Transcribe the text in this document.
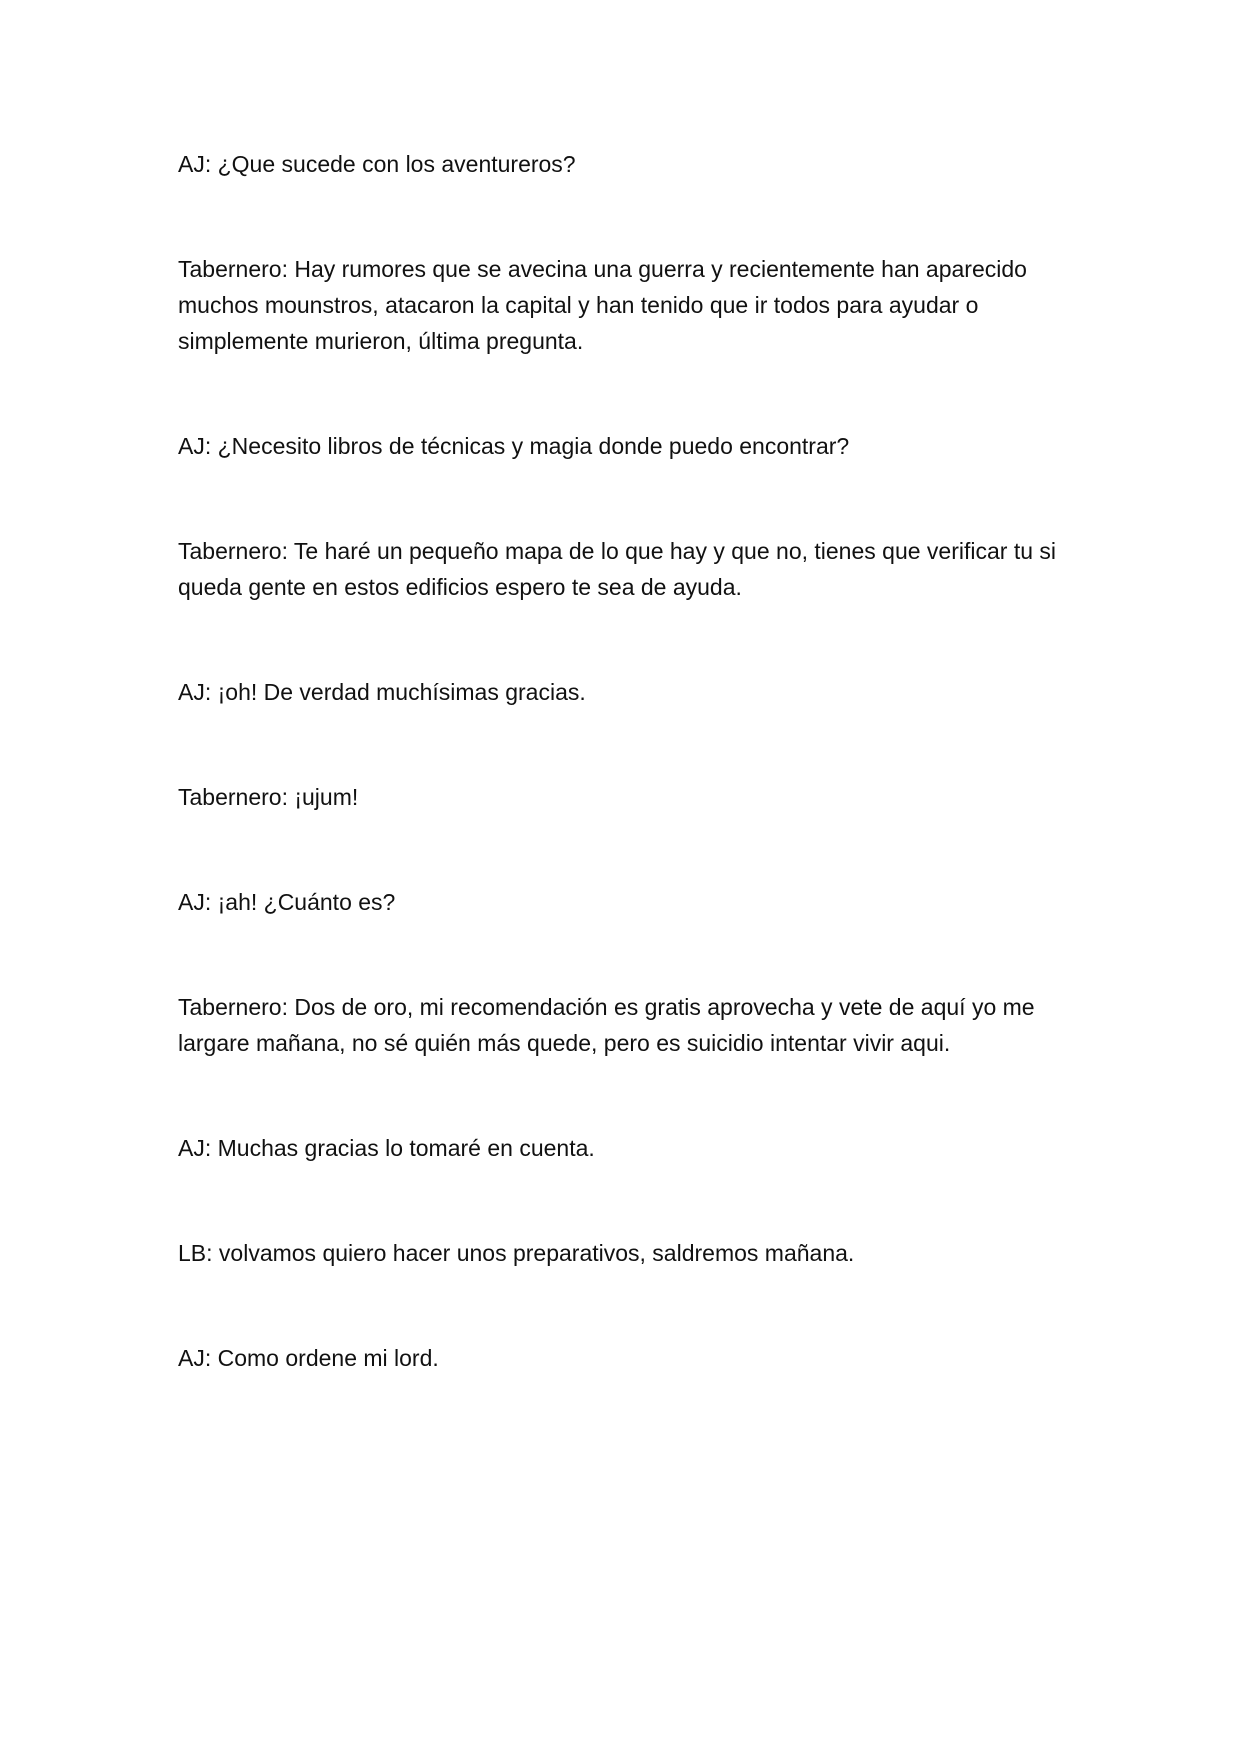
AJ: ¿Que sucede con los aventureros?

Tabernero: Hay rumores que se avecina una guerra y recientemente han aparecido muchos mounstros, atacaron la capital y han tenido que ir todos para ayudar o simplemente murieron, última pregunta.

AJ: ¿Necesito libros de técnicas y magia donde puedo encontrar?

Tabernero: Te haré un pequeño mapa de lo que hay y que no, tienes que verificar tu si queda gente en estos edificios espero te sea de ayuda.

AJ: ¡oh! De verdad muchísimas gracias.

Tabernero: ¡ujum!

AJ: ¡ah! ¿Cuánto es?

Tabernero: Dos de oro, mi recomendación es gratis aprovecha y vete de aquí yo me largare mañana, no sé quién más quede, pero es suicidio intentar vivir aqui.

AJ: Muchas gracias lo tomaré en cuenta.

LB: volvamos quiero hacer unos preparativos, saldremos mañana.

AJ: Como ordene mi lord.
